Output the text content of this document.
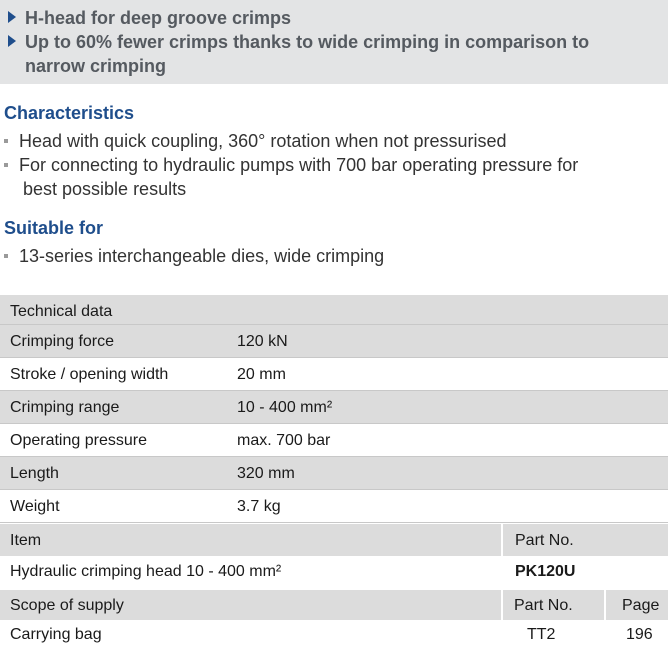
H-head for deep groove crimps
Up to 60% fewer crimps thanks to wide crimping in comparison to
narrow crimping
Characteristics
Head with quick coupling, 360° rotation when not pressurised
For connecting to hydraulic pumps with 700 bar operating pressure for
best possible results
Suitable for
13-series interchangeable dies, wide crimping
Technical data
Crimping force	120 kN
Stroke / opening width	20 mm
Crimping range	10 - 400 mm²
Operating pressure	max. 700 bar
Length	320 mm
Weight	3.7 kg
Item	Part No.
Hydraulic crimping head 10 - 400 mm²	PK120U
Scope of supply	Part No.	Page
Carrying bag	TT2	196
